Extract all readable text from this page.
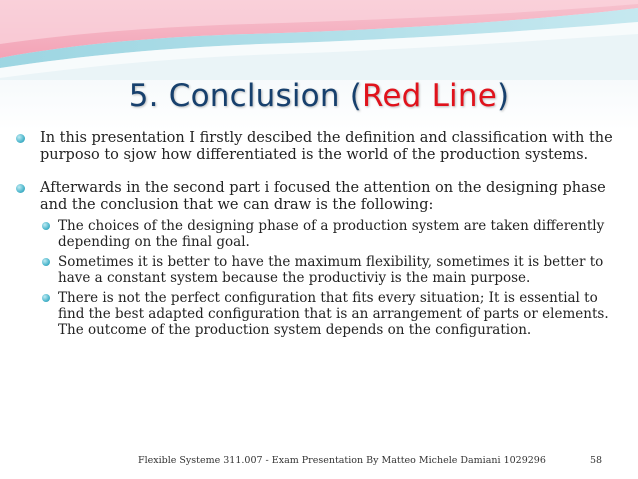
5. Conclusion (Red Line)
In this presentation I firstly descibed the definition and classification with the purposo to sjow how differentiated is the world of the production systems.
Afterwards in the second part i focused the attention on the designing phase and the conclusion that we can draw is the following:
The choices of the designing phase of a production system are taken differently depending on the final goal.
Sometimes it is better to have the maximum flexibility, sometimes it is better to have a constant system because the productiviy is the main purpose.
There is not the perfect configuration that fits every situation; It is essential to find the best adapted configuration that is an arrangement of parts or elements. The outcome of the production system depends on the configuration.
Flexible Systeme 311.007 - Exam Presentation By Matteo Michele Damiani 1029296	58
